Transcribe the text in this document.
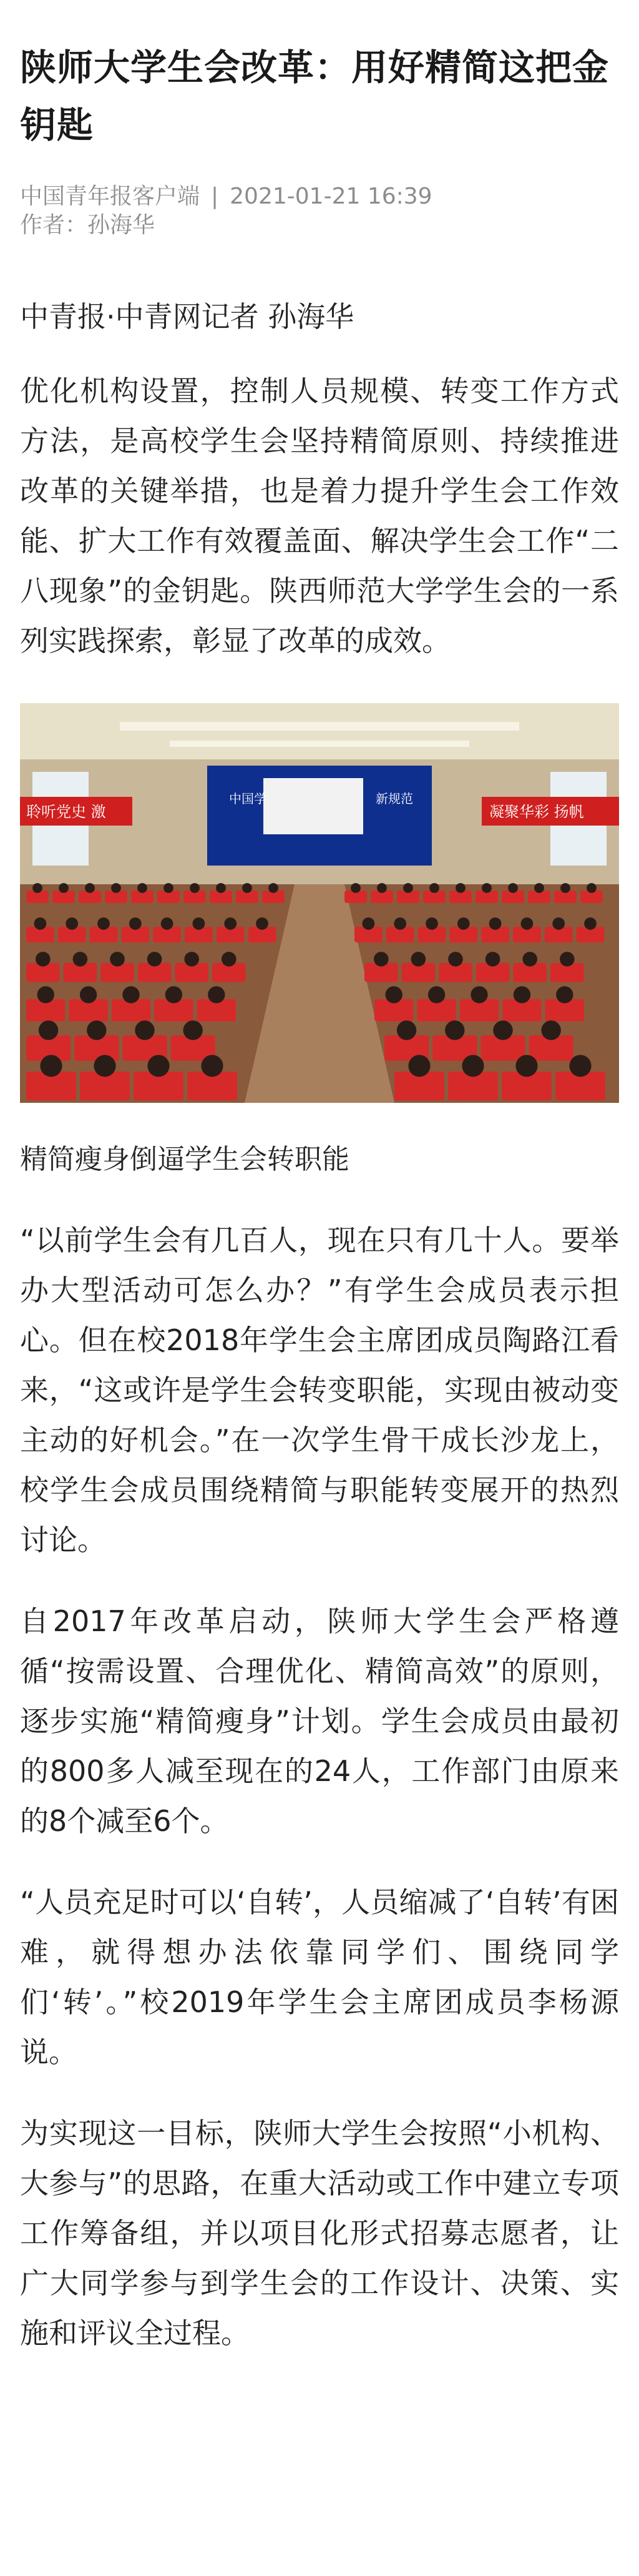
陕师大学生会改革：用好精简这把金钥匙
中国青年报客户端 | 2021-01-21 16:39
作者：孙海华
中青报·中青网记者 孙海华

优化机构设置，控制人员规模、转变工作方式方法，是高校学生会坚持精简原则、持续推进改革的关键举措，也是着力提升学生会工作效能、扩大工作有效覆盖面、解决学生会工作“二八现象”的金钥匙。陕西师范大学学生会的一系列实践探索，彰显了改革的成效。

中国学	新规范
聆听党史 激	凝聚华彩 扬帆
精简瘦身倒逼学生会转职能

“以前学生会有几百人，现在只有几十人。要举办大型活动可怎么办？”有学生会成员表示担心。但在校2018年学生会主席团成员陶路江看来，“这或许是学生会转变职能，实现由被动变主动的好机会。”在一次学生骨干成长沙龙上，校学生会成员围绕精简与职能转变展开的热烈讨论。

自2017年改革启动，陕师大学生会严格遵循“按需设置、合理优化、精简高效”的原则，逐步实施“精简瘦身”计划。学生会成员由最初的800多人减至现在的24人，工作部门由原来的8个减至6个。

“人员充足时可以‘自转’，人员缩减了‘自转’有困难，就得想办法依靠同学们、围绕同学们‘转’。”校2019年学生会主席团成员李杨源说。

为实现这一目标，陕师大学生会按照“小机构、大参与”的思路，在重大活动或工作中建立专项工作筹备组，并以项目化形式招募志愿者，让广大同学参与到学生会的工作设计、决策、实施和评议全过程。
